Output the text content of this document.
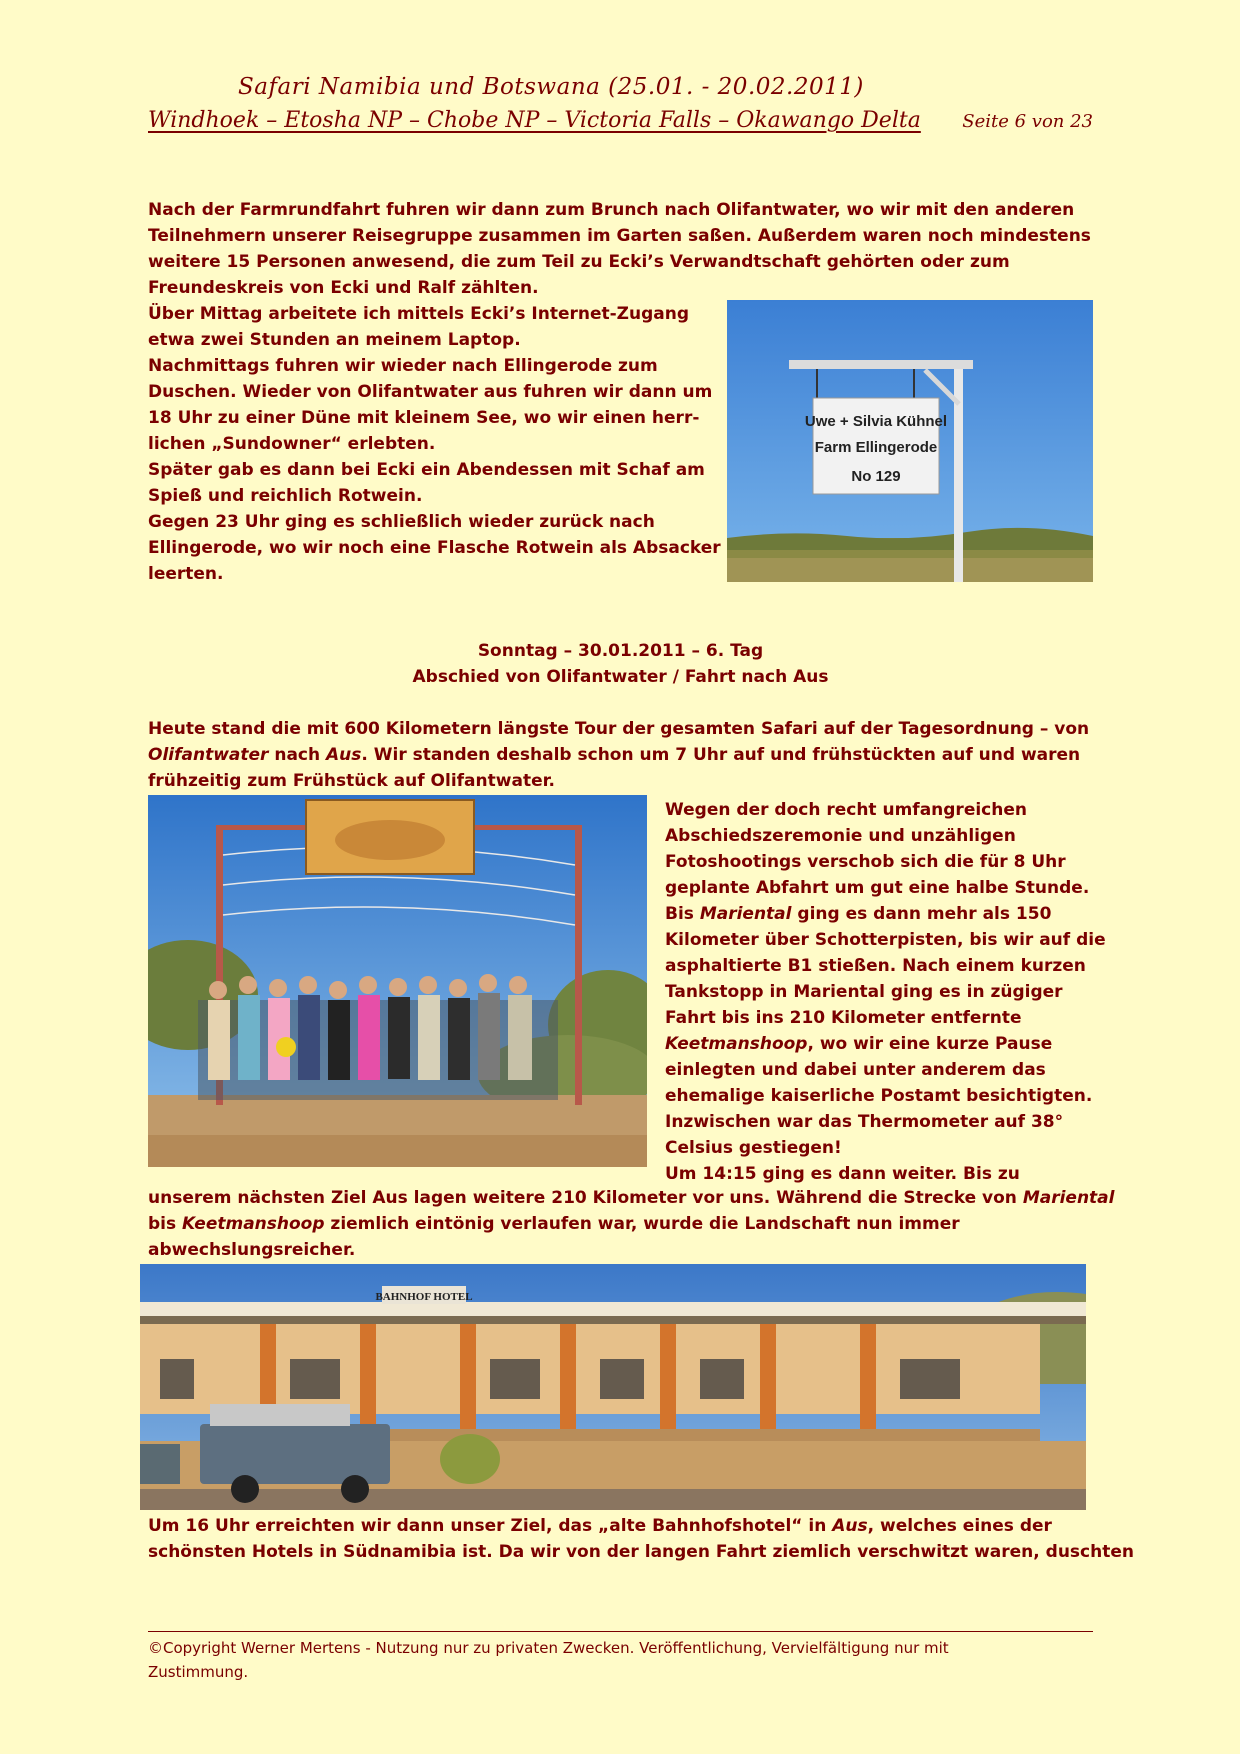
Safari Namibia und Botswana (25.01. - 20.02.2011)
Windhoek – Etosha NP – Chobe NP – Victoria Falls – Okawango Delta Seite 6 von 23
Nach der Farmrundfahrt fuhren wir dann zum Brunch nach Olifantwater, wo wir mit den anderen
Teilnehmern unserer Reisegruppe zusammen im Garten saßen. Außerdem waren noch mindestens
weitere 15 Personen anwesend, die zum Teil zu Ecki’s Verwandtschaft gehörten oder zum
Freundeskreis von Ecki und Ralf zählten.
Über Mittag arbeitete ich mittels Ecki’s Internet-Zugang
etwa zwei Stunden an meinem Laptop.
Nachmittags fuhren wir wieder nach Ellingerode zum
Duschen. Wieder von Olifantwater aus fuhren wir dann um
18 Uhr zu einer Düne mit kleinem See, wo wir einen herr-
lichen „Sundowner“ erlebten.
Später gab es dann bei Ecki ein Abendessen mit Schaf am
Spieß und reichlich Rotwein.
Gegen 23 Uhr ging es schließlich wieder zurück nach
Ellingerode, wo wir noch eine Flasche Rotwein als Absacker
leerten.
Uwe + Silvia Kühnel
Farm Ellingerode
No 129
Sonntag – 30.01.2011 – 6. Tag
Abschied von Olifantwater / Fahrt nach Aus
Heute stand die mit 600 Kilometern längste Tour der gesamten Safari auf der Tagesordnung – von
Olifantwater nach Aus. Wir standen deshalb schon um 7 Uhr auf und frühstückten auf und waren
frühzeitig zum Frühstück auf Olifantwater.
Wegen der doch recht umfangreichen
Abschiedszeremonie und unzähligen
Fotoshootings verschob sich die für 8 Uhr
geplante Abfahrt um gut eine halbe Stunde.
Bis Mariental ging es dann mehr als 150
Kilometer über Schotterpisten, bis wir auf die
asphaltierte B1 stießen. Nach einem kurzen
Tankstopp in Mariental ging es in zügiger
Fahrt bis ins 210 Kilometer entfernte
Keetmanshoop, wo wir eine kurze Pause
einlegten und dabei unter anderem das
ehemalige kaiserliche Postamt besichtigten.
Inzwischen war das Thermometer auf 38°
Celsius gestiegen!
Um 14:15 ging es dann weiter. Bis zu
unserem nächsten Ziel Aus lagen weitere 210 Kilometer vor uns. Während die Strecke von Mariental
bis Keetmanshoop ziemlich eintönig verlaufen war, wurde die Landschaft nun immer
abwechslungsreicher.
BAHNHOF HOTEL
Um 16 Uhr erreichten wir dann unser Ziel, das „alte Bahnhofshotel“ in Aus, welches eines der
schönsten Hotels in Südnamibia ist. Da wir von der langen Fahrt ziemlich verschwitzt waren, duschten
©Copyright Werner Mertens - Nutzung nur zu privaten Zwecken. Veröffentlichung, Vervielfältigung nur mit
Zustimmung.
